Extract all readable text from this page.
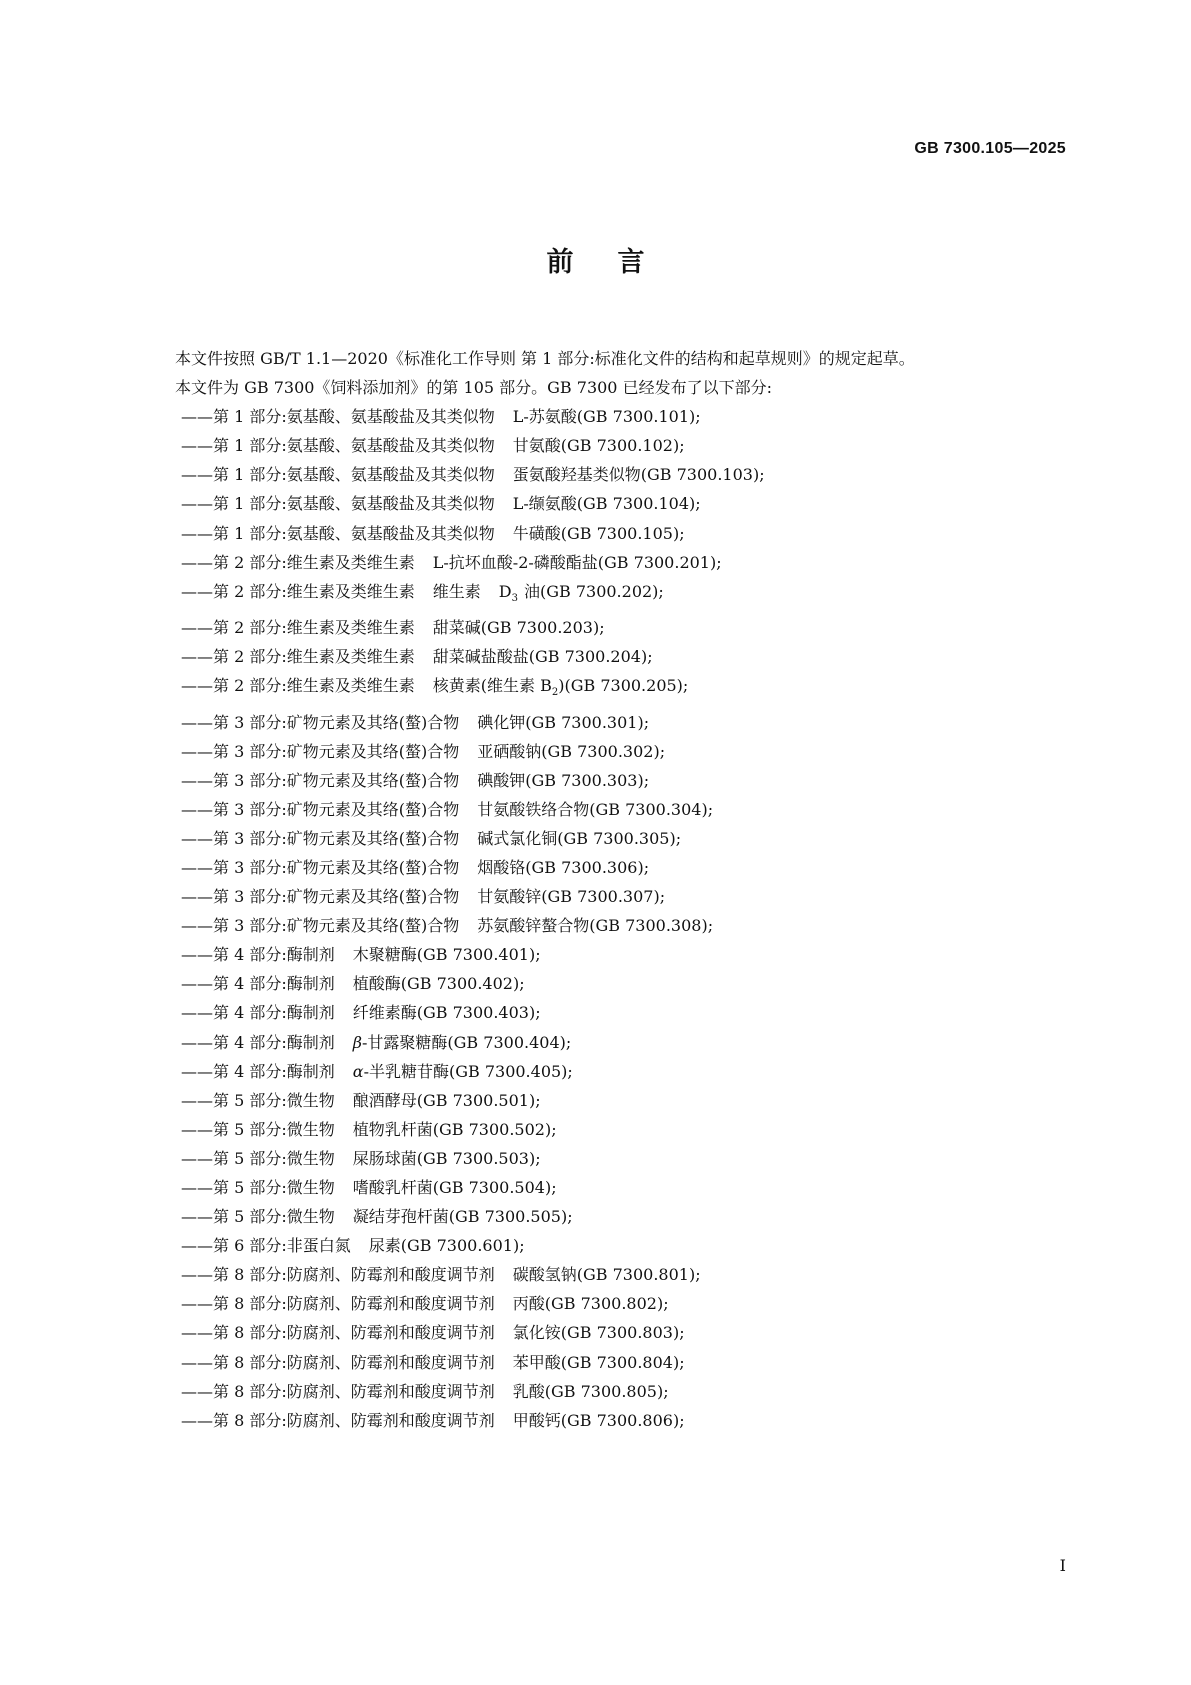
GB 7300.105—2025
前言

本文件按照 GB/T 1.1—2020《标准化工作导则 第 1 部分:标准化文件的结构和起草规则》的规定起草。

本文件为 GB 7300《饲料添加剂》的第 105 部分。GB 7300 已经发布了以下部分:

——第 1 部分:氨基酸、氨基酸盐及其类似物 L-苏氨酸(GB 7300.101);
——第 1 部分:氨基酸、氨基酸盐及其类似物 甘氨酸(GB 7300.102);
——第 1 部分:氨基酸、氨基酸盐及其类似物 蛋氨酸羟基类似物(GB 7300.103);
——第 1 部分:氨基酸、氨基酸盐及其类似物 L-缬氨酸(GB 7300.104);
——第 1 部分:氨基酸、氨基酸盐及其类似物 牛磺酸(GB 7300.105);
——第 2 部分:维生素及类维生素 L-抗坏血酸-2-磷酸酯盐(GB 7300.201);
——第 2 部分:维生素及类维生素 维生素 $D_3$ 油(GB 7300.202);
——第 2 部分:维生素及类维生素 甜菜碱(GB 7300.203);
——第 2 部分:维生素及类维生素 甜菜碱盐酸盐(GB 7300.204);
——第 2 部分:维生素及类维生素 核黄素(维生素 $B_2)(GB$ 7300.205);
——第 3 部分:矿物元素及其络(螯)合物 碘化钾(GB 7300.301);
——第 3 部分:矿物元素及其络(螯)合物 亚硒酸钠(GB 7300.302);
——第 3 部分:矿物元素及其络(螯)合物 碘酸钾(GB 7300.303);
——第 3 部分:矿物元素及其络(螯)合物 甘氨酸铁络合物(GB 7300.304);
——第 3 部分:矿物元素及其络(螯)合物 碱式氯化铜(GB 7300.305);
——第 3 部分:矿物元素及其络(螯)合物 烟酸铬(GB 7300.306);
——第 3 部分:矿物元素及其络(螯)合物 甘氨酸锌(GB 7300.307);
——第 3 部分:矿物元素及其络(螯)合物 苏氨酸锌螯合物(GB 7300.308);
——第 4 部分:酶制剂 木聚糖酶(GB 7300.401);
——第 4 部分:酶制剂 植酸酶(GB 7300.402);
——第 4 部分:酶制剂 纤维素酶(GB 7300.403);
——第 4 部分:酶制剂 β-甘露聚糖酶(GB 7300.404);
——第 4 部分:酶制剂 α-半乳糖苷酶(GB 7300.405);
——第 5 部分:微生物 酿酒酵母(GB 7300.501);
——第 5 部分:微生物 植物乳杆菌(GB 7300.502);
——第 5 部分:微生物 屎肠球菌(GB 7300.503);
——第 5 部分:微生物 嗜酸乳杆菌(GB 7300.504);
——第 5 部分:微生物 凝结芽孢杆菌(GB 7300.505);
——第 6 部分:非蛋白氮 尿素(GB 7300.601);
——第 8 部分:防腐剂、防霉剂和酸度调节剂 碳酸氢钠(GB 7300.801);
——第 8 部分:防腐剂、防霉剂和酸度调节剂 丙酸(GB 7300.802);
——第 8 部分:防腐剂、防霉剂和酸度调节剂 氯化铵(GB 7300.803);
——第 8 部分:防腐剂、防霉剂和酸度调节剂 苯甲酸(GB 7300.804);
——第 8 部分:防腐剂、防霉剂和酸度调节剂 乳酸(GB 7300.805);
——第 8 部分:防腐剂、防霉剂和酸度调节剂 甲酸钙(GB 7300.806);
I
